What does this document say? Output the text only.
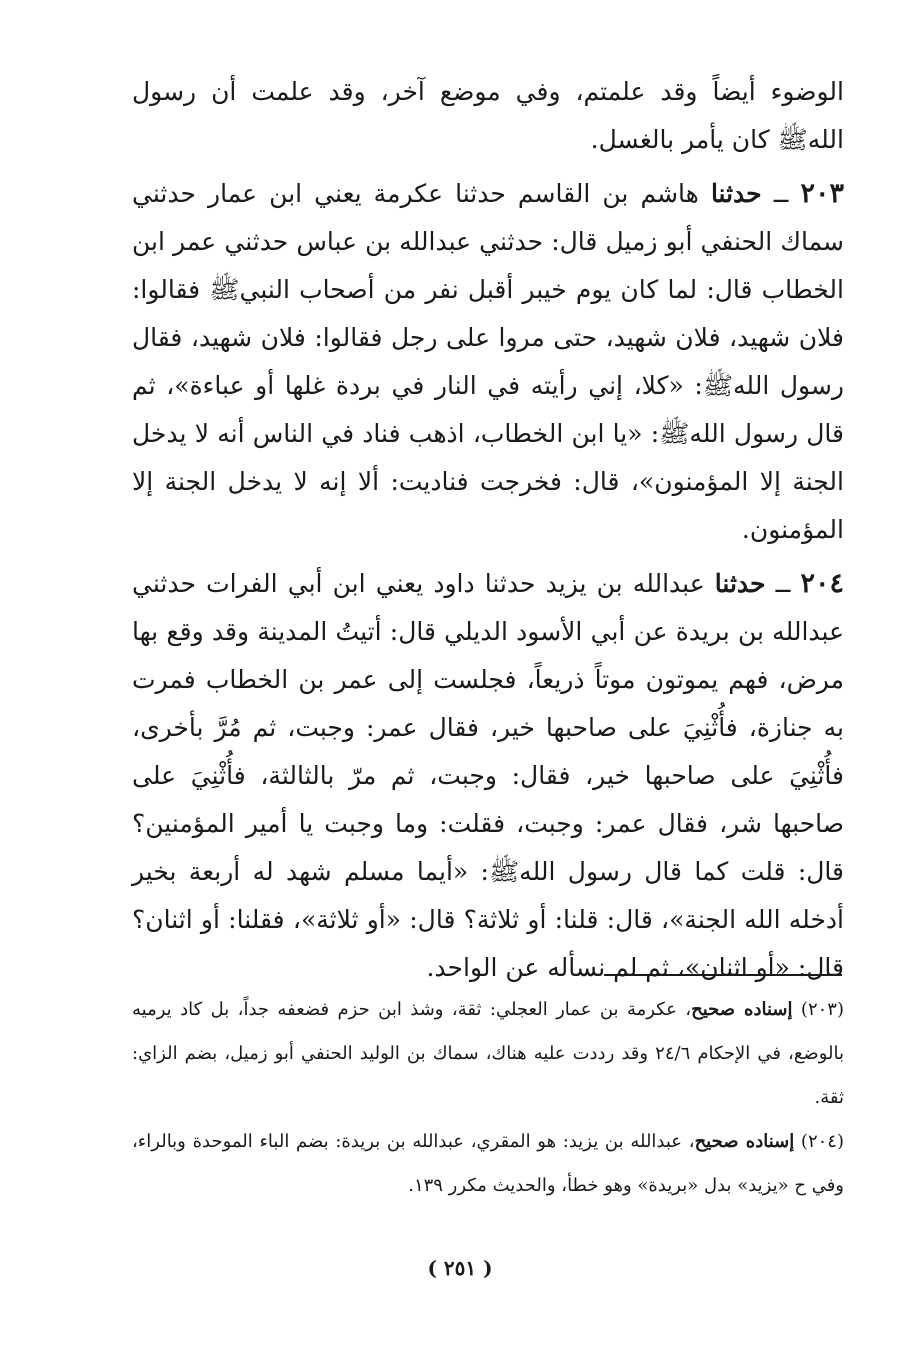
الوضوء أيضاً وقد علمتم، وفي موضع آخر، وقد علمت أن رسول اللهﷺ كان يأمر بالغسل.

٢٠٣ ــ حدثنا هاشم بن القاسم حدثنا عكرمة يعني ابن عمار حدثني سماك الحنفي أبو زميل قال: حدثني عبدالله بن عباس حدثني عمر ابن الخطاب قال: لما كان يوم خيبر أقبل نفر من أصحاب النبيﷺ فقالوا: فلان شهيد، فلان شهيد، حتى مروا على رجل فقالوا: فلان شهيد، فقال رسول اللهﷺ: «كلا، إني رأيته في النار في بردة غلها أو عباءة»، ثم قال رسول اللهﷺ: «يا ابن الخطاب، اذهب فناد في الناس أنه لا يدخل الجنة إلا المؤمنون»، قال: فخرجت فناديت: ألا إنه لا يدخل الجنة إلا المؤمنون.

٢٠٤ ــ حدثنا عبدالله بن يزيد حدثنا داود يعني ابن أبي الفرات حدثني عبدالله بن بريدة عن أبي الأسود الديلي قال: أتيتُ المدينة وقد وقع بها مرض، فهم يموتون موتاً ذريعاً، فجلست إلى عمر بن الخطاب فمرت به جنازة، فأُثْنِيَ على صاحبها خير، فقال عمر: وجبت، ثم مُرَّ بأخرى، فأُثْنِيَ على صاحبها خير، فقال: وجبت، ثم مرّ بالثالثة، فأُثْنِيَ على صاحبها شر، فقال عمر: وجبت، فقلت: وما وجبت يا أمير المؤمنين؟ قال: قلت كما قال رسول اللهﷺ: «أيما مسلم شهد له أربعة بخير أدخله الله الجنة»، قال: قلنا: أو ثلاثة؟ قال: «أو ثلاثة»، فقلنا: أو اثنان؟ قال: «أو اثنان»، ثم لم نسأله عن الواحد.

(٢٠٣) إسناده صحيح، عكرمة بن عمار العجلي: ثقة، وشذ ابن حزم فضعفه جداً، بل كاد يرميه بالوضع، في الإحكام ٢٤/٦ وقد رددت عليه هناك، سماك بن الوليد الحنفي أبو زميل، بضم الزاي: ثقة.

(٢٠٤) إسناده صحيح، عبدالله بن يزيد: هو المقري، عبدالله بن بريدة: بضم الباء الموحدة وبالراء، وفي ح «يزيد» بدل «بريدة» وهو خطأ، والحديث مكرر ١٣٩.

( ٢٥١ )
